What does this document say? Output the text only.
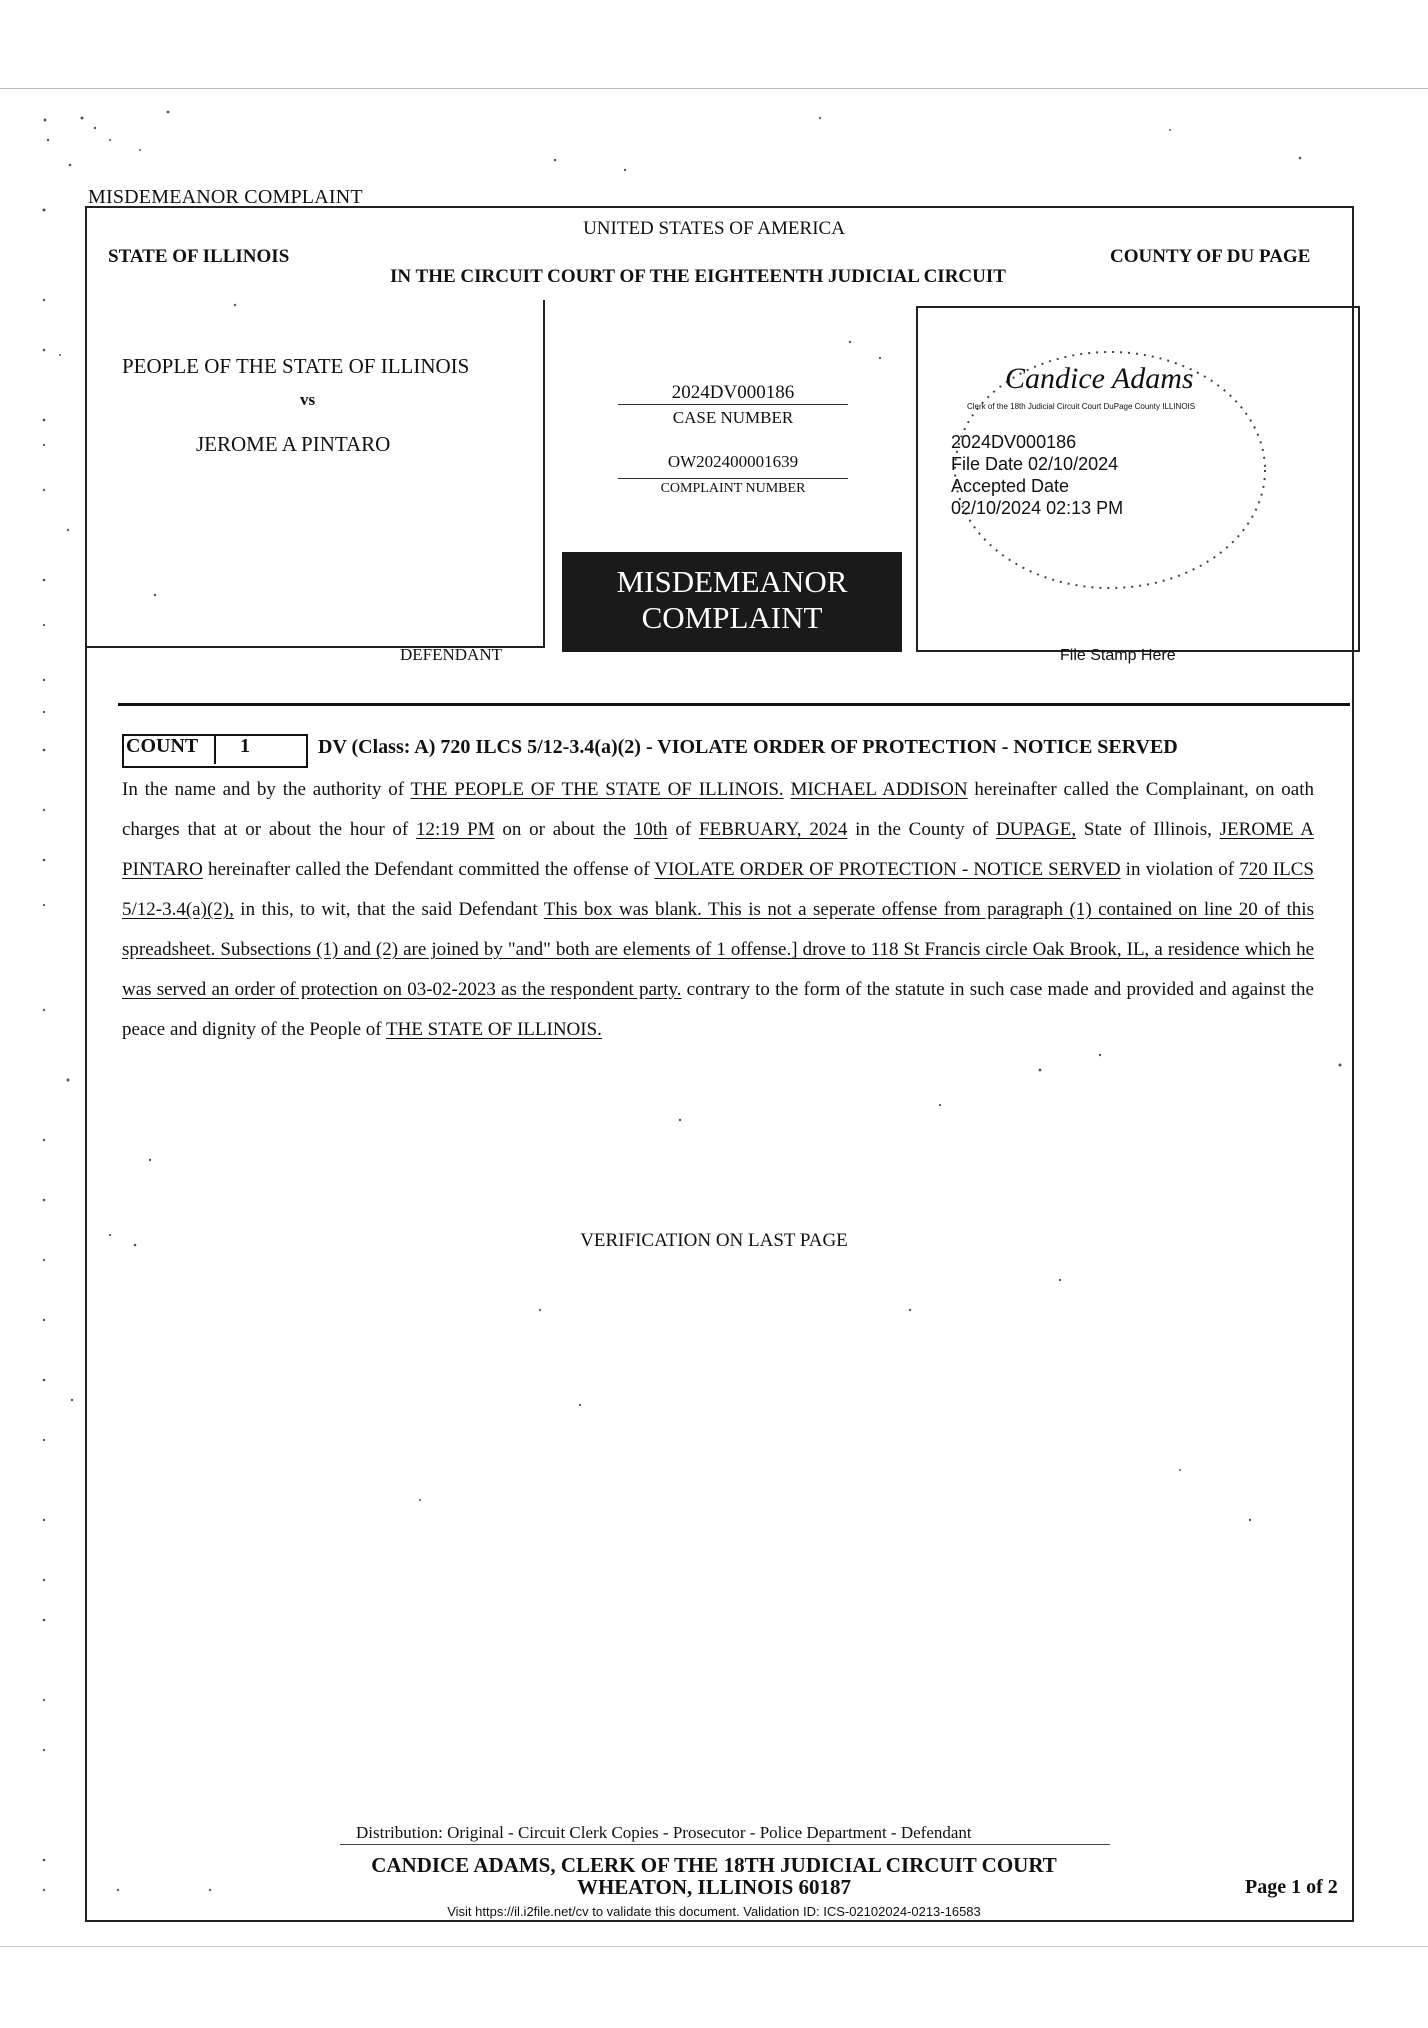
MISDEMEANOR COMPLAINT
UNITED STATES OF AMERICA
STATE OF ILLINOIS	COUNTY OF DU PAGE
IN THE CIRCUIT COURT OF THE EIGHTEENTH JUDICIAL CIRCUIT
PEOPLE OF THE STATE OF ILLINOIS
vs
JEROME A PINTARO
DEFENDANT
2024DV000186
CASE NUMBER
OW202400001639
COMPLAINT NUMBER
MISDEMEANOR
COMPLAINT
Candice Adams
Clerk of the 18th Judicial Circuit Court DuPage County ILLINOIS
2024DV000186
File Date 02/10/2024
Accepted Date
02/10/2024 02:13 PM
File Stamp Here
COUNT 1	DV (Class: A) 720 ILCS 5/12-3.4(a)(2) - VIOLATE ORDER OF PROTECTION - NOTICE SERVED
In the name and by the authority of THE PEOPLE OF THE STATE OF ILLINOIS. MICHAEL ADDISON hereinafter called the Complainant, on oath charges that at or about the hour of 12:19 PM on or about the 10th of FEBRUARY, 2024 in the County of DUPAGE, State of Illinois, JEROME A PINTARO hereinafter called the Defendant committed the offense of VIOLATE ORDER OF PROTECTION - NOTICE SERVED in violation of 720 ILCS 5/12-3.4(a)(2), in this, to wit, that the said Defendant This box was blank. This is not a seperate offense from paragraph (1) contained on line 20 of this spreadsheet. Subsections (1) and (2) are joined by "and" both are elements of 1 offense.] drove to 118 St Francis circle Oak Brook, IL, a residence which he was served an order of protection on 03-02-2023 as the respondent party. contrary to the form of the statute in such case made and provided and against the peace and dignity of the People of THE STATE OF ILLINOIS.
VERIFICATION ON LAST PAGE
Distribution: Original - Circuit Clerk Copies - Prosecutor - Police Department - Defendant
CANDICE ADAMS, CLERK OF THE 18TH JUDICIAL CIRCUIT COURT
WHEATON, ILLINOIS 60187	Page 1 of 2
Visit https://il.i2file.net/cv to validate this document. Validation ID: ICS-02102024-0213-16583
